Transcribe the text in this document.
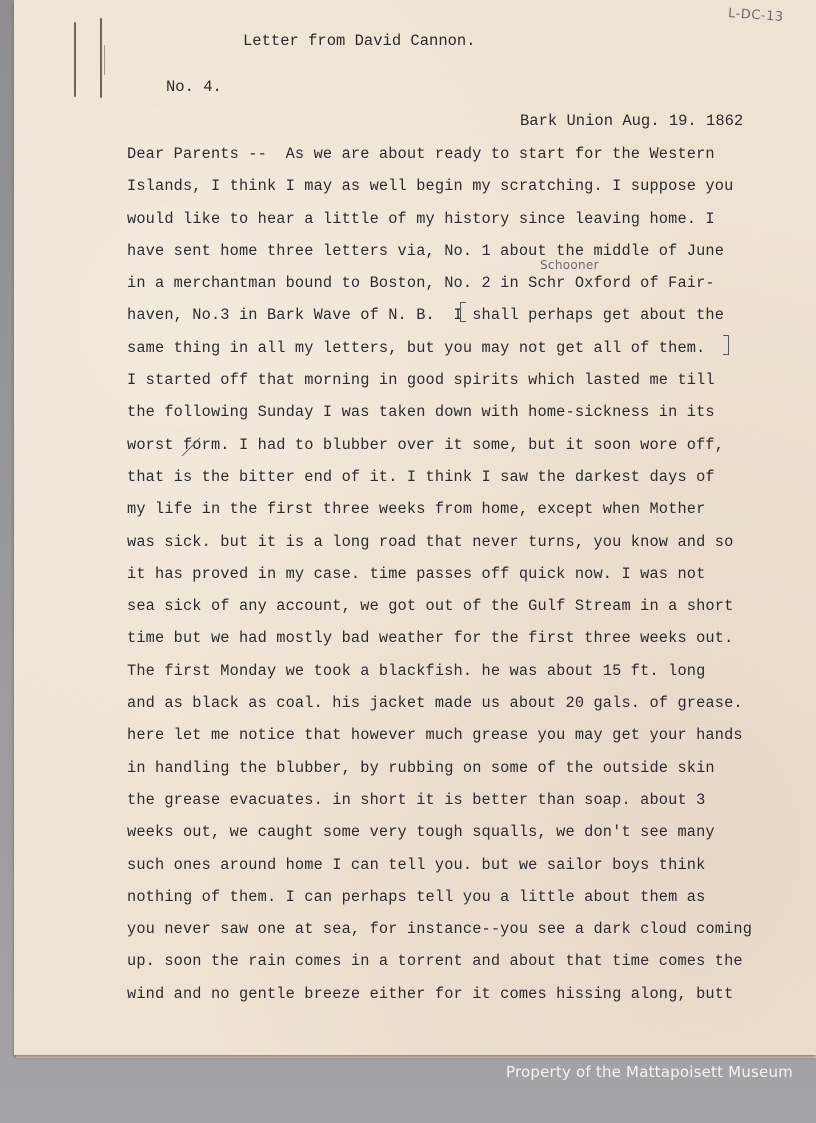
L-DC-13
Letter from David Cannon.
No. 4.
Bark Union Aug. 19. 1862
Schooner
Dear Parents --  As we are about ready to start for the Western
Islands, I think I may as well begin my scratching. I suppose you
would like to hear a little of my history since leaving home. I
have sent home three letters via, No. 1 about the middle of June
in a merchantman bound to Boston, No. 2 in Schr Oxford of Fair-
haven, No.3 in Bark Wave of N. B.  I shall perhaps get about the
same thing in all my letters, but you may not get all of them.
I started off that morning in good spirits which lasted me till
the following Sunday I was taken down with home-sickness in its
worst form. I had to blubber over it some, but it soon wore off,
that is the bitter end of it. I think I saw the darkest days of
my life in the first three weeks from home, except when Mother
was sick. but it is a long road that never turns, you know and so
it has proved in my case. time passes off quick now. I was not
sea sick of any account, we got out of the Gulf Stream in a short
time but we had mostly bad weather for the first three weeks out.
The first Monday we took a blackfish. he was about 15 ft. long
and as black as coal. his jacket made us about 20 gals. of grease.
here let me notice that however much grease you may get your hands
in handling the blubber, by rubbing on some of the outside skin
the grease evacuates. in short it is better than soap. about 3
weeks out, we caught some very tough squalls, we don't see many
such ones around home I can tell you. but we sailor boys think
nothing of them. I can perhaps tell you a little about them as
you never saw one at sea, for instance--you see a dark cloud coming
up. soon the rain comes in a torrent and about that time comes the
wind and no gentle breeze either for it comes hissing along, butt
Property of the Mattapoisett Museum
